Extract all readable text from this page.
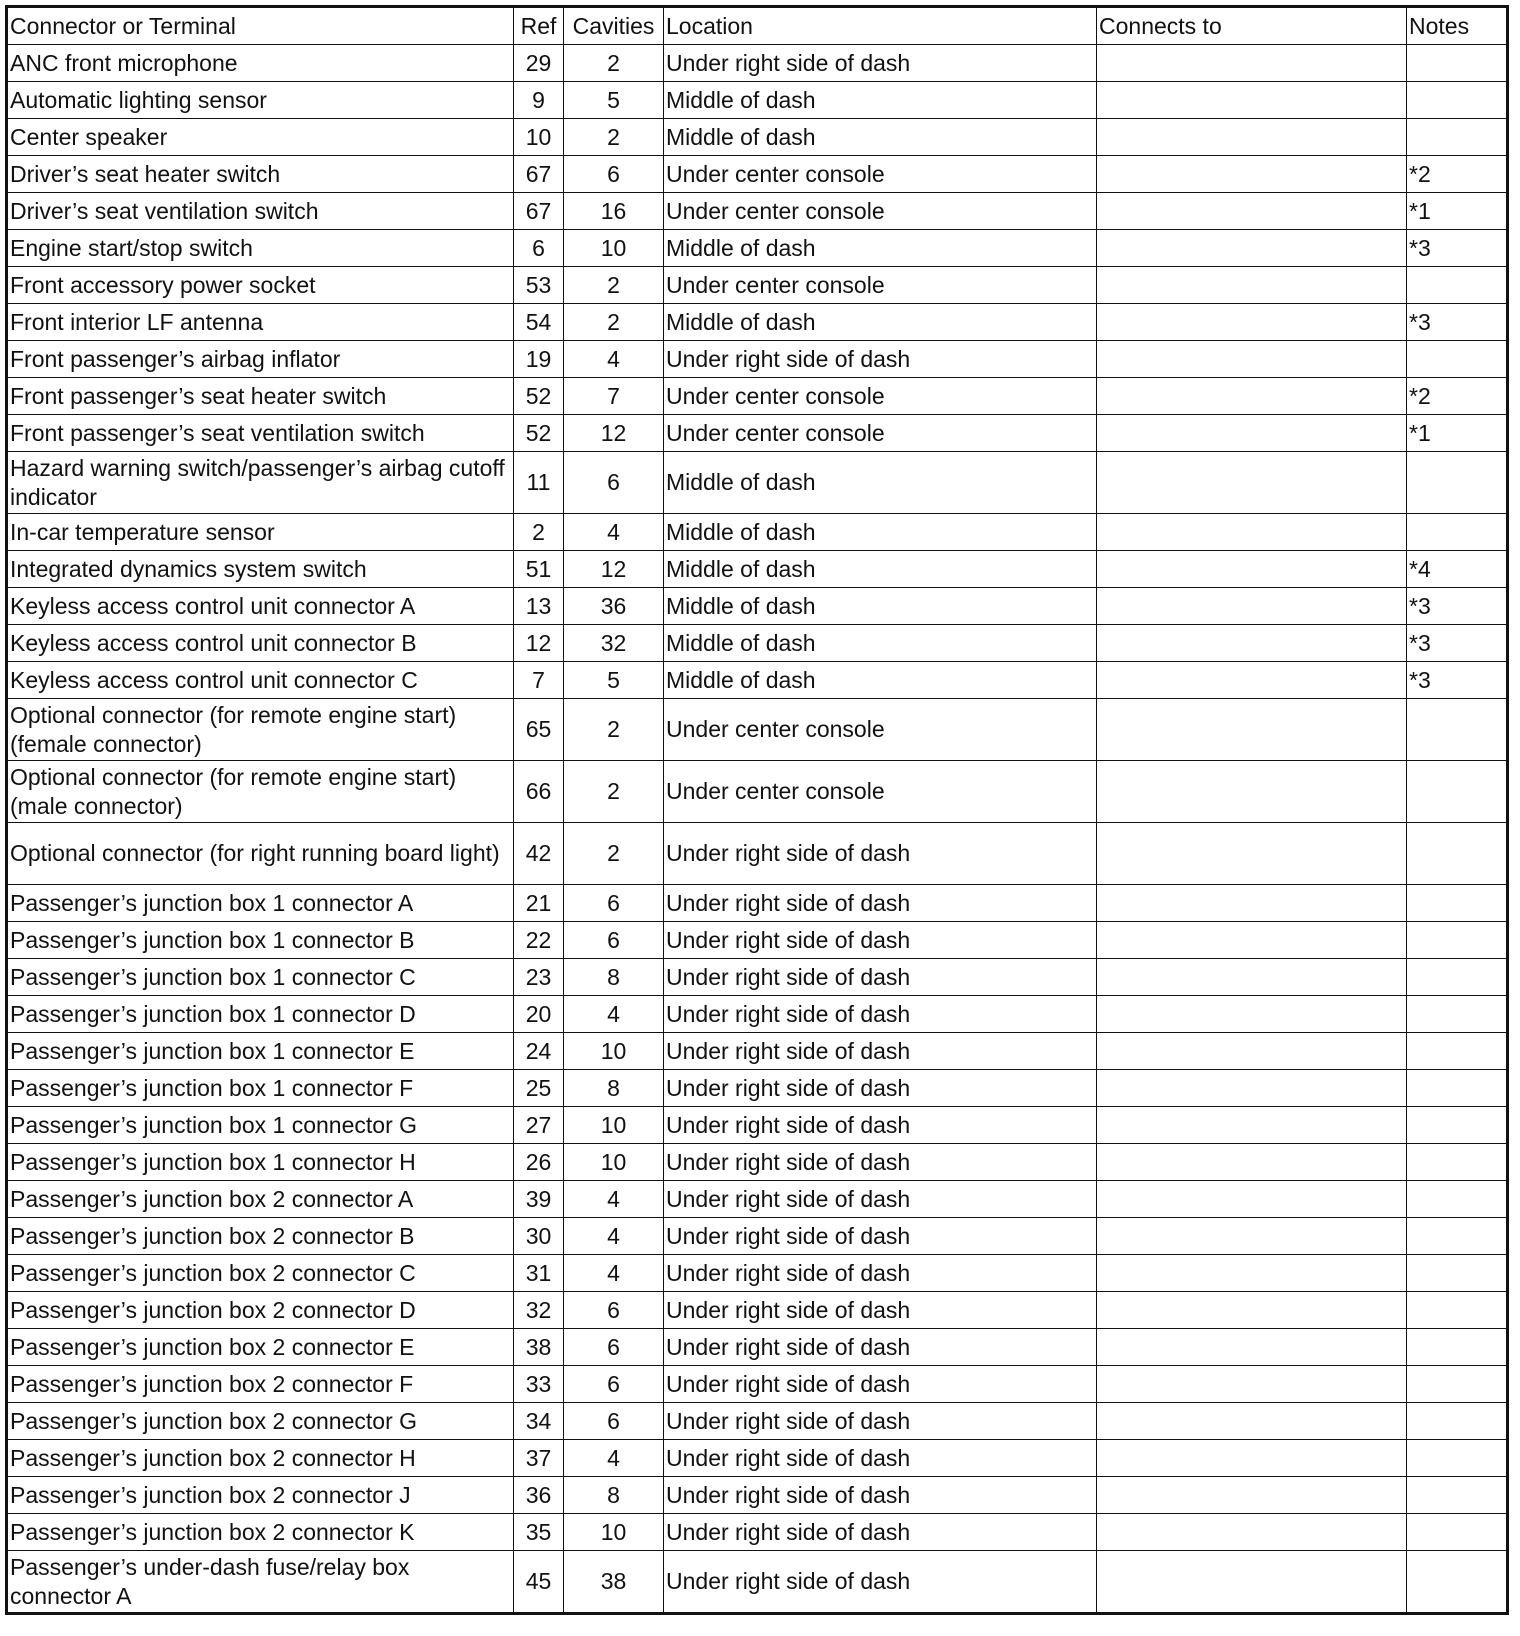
Connector or Terminal	Ref	Cavities	Location	Connects to	Notes
ANC front microphone	29	2	Under right side of dash		
Automatic lighting sensor	9	5	Middle of dash		
Center speaker	10	2	Middle of dash		
Driver’s seat heater switch	67	6	Under center console		*2
Driver’s seat ventilation switch	67	16	Under center console		*1
Engine start/stop switch	6	10	Middle of dash		*3
Front accessory power socket	53	2	Under center console		
Front interior LF antenna	54	2	Middle of dash		*3
Front passenger’s airbag inflator	19	4	Under right side of dash		
Front passenger’s seat heater switch	52	7	Under center console		*2
Front passenger’s seat ventilation switch	52	12	Under center console		*1
Hazard warning switch/passenger’s airbag cutoff indicator	11	6	Middle of dash		
In-car temperature sensor	2	4	Middle of dash		
Integrated dynamics system switch	51	12	Middle of dash		*4
Keyless access control unit connector A	13	36	Middle of dash		*3
Keyless access control unit connector B	12	32	Middle of dash		*3
Keyless access control unit connector C	7	5	Middle of dash		*3
Optional connector (for remote engine start) (female connector)	65	2	Under center console		
Optional connector (for remote engine start) (male connector)	66	2	Under center console		
Optional connector (for right running board light)	42	2	Under right side of dash		
Passenger’s junction box 1 connector A	21	6	Under right side of dash		
Passenger’s junction box 1 connector B	22	6	Under right side of dash		
Passenger’s junction box 1 connector C	23	8	Under right side of dash		
Passenger’s junction box 1 connector D	20	4	Under right side of dash		
Passenger’s junction box 1 connector E	24	10	Under right side of dash		
Passenger’s junction box 1 connector F	25	8	Under right side of dash		
Passenger’s junction box 1 connector G	27	10	Under right side of dash		
Passenger’s junction box 1 connector H	26	10	Under right side of dash		
Passenger’s junction box 2 connector A	39	4	Under right side of dash		
Passenger’s junction box 2 connector B	30	4	Under right side of dash		
Passenger’s junction box 2 connector C	31	4	Under right side of dash		
Passenger’s junction box 2 connector D	32	6	Under right side of dash		
Passenger’s junction box 2 connector E	38	6	Under right side of dash		
Passenger’s junction box 2 connector F	33	6	Under right side of dash		
Passenger’s junction box 2 connector G	34	6	Under right side of dash		
Passenger’s junction box 2 connector H	37	4	Under right side of dash		
Passenger’s junction box 2 connector J	36	8	Under right side of dash		
Passenger’s junction box 2 connector K	35	10	Under right side of dash		
Passenger’s under-dash fuse/relay box connector A	45	38	Under right side of dash		
